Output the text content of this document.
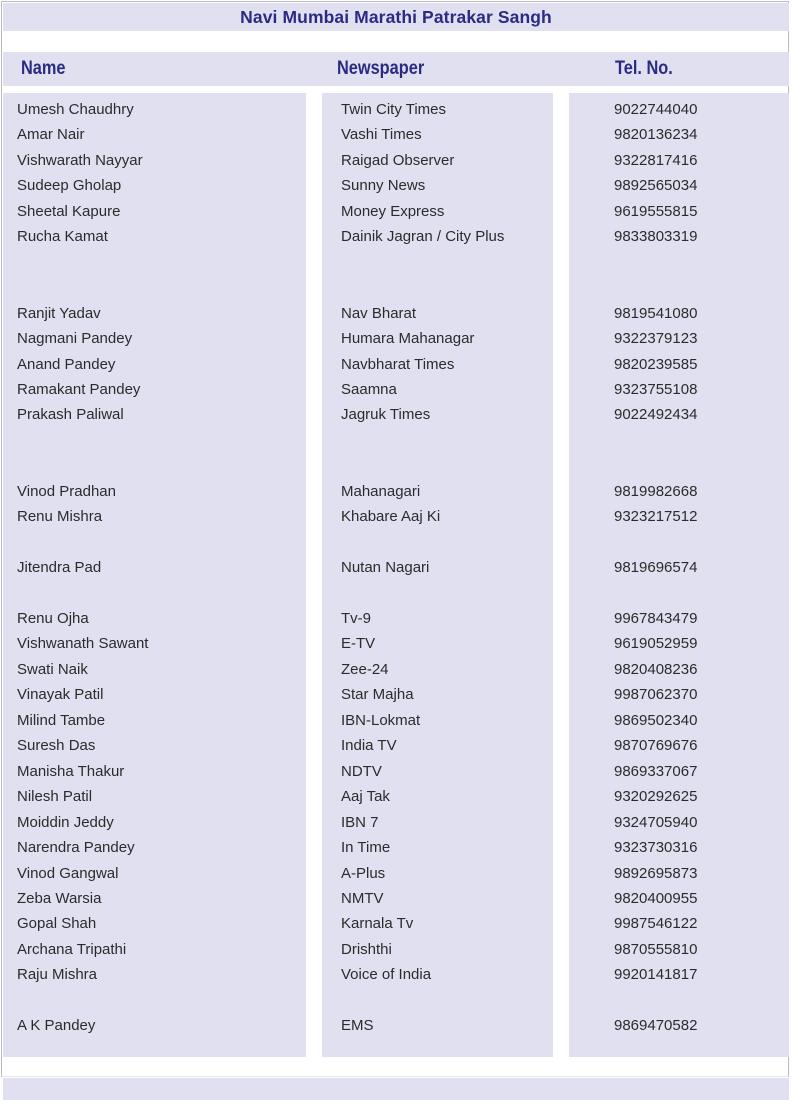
Navi Mumbai Marathi Patrakar Sangh
Name	Newspaper	Tel. No.
Umesh Chaudhry
Amar Nair
Vishwarath Nayyar
Sudeep Gholap
Sheetal Kapure
Rucha Kamat
Ranjit Yadav
Nagmani Pandey
Anand Pandey
Ramakant Pandey
Prakash Paliwal
Vinod Pradhan
Renu Mishra
Jitendra Pad
Renu Ojha
Vishwanath Sawant
Swati Naik
Vinayak Patil
Milind Tambe
Suresh Das
Manisha Thakur
Nilesh Patil
Moiddin Jeddy
Narendra Pandey
Vinod Gangwal
Zeba Warsia
Gopal Shah
Archana Tripathi
Raju Mishra
A K Pandey
Twin City Times
Vashi Times
Raigad Observer
Sunny News
Money Express
Dainik Jagran / City Plus
Nav Bharat
Humara Mahanagar
Navbharat Times
Saamna
Jagruk Times
Mahanagari
Khabare Aaj Ki
Nutan Nagari
Tv-9
E-TV
Zee-24
Star Majha
IBN-Lokmat
India TV
NDTV
Aaj Tak
IBN 7
In Time
A-Plus
NMTV
Karnala Tv
Drishthi
Voice of India
EMS
9022744040
9820136234
9322817416
9892565034
9619555815
9833803319
9819541080
9322379123
9820239585
9323755108
9022492434
9819982668
9323217512
9819696574
9967843479
9619052959
9820408236
9987062370
9869502340
9870769676
9869337067
9320292625
9324705940
9323730316
9892695873
9820400955
9987546122
9870555810
9920141817
9869470582
